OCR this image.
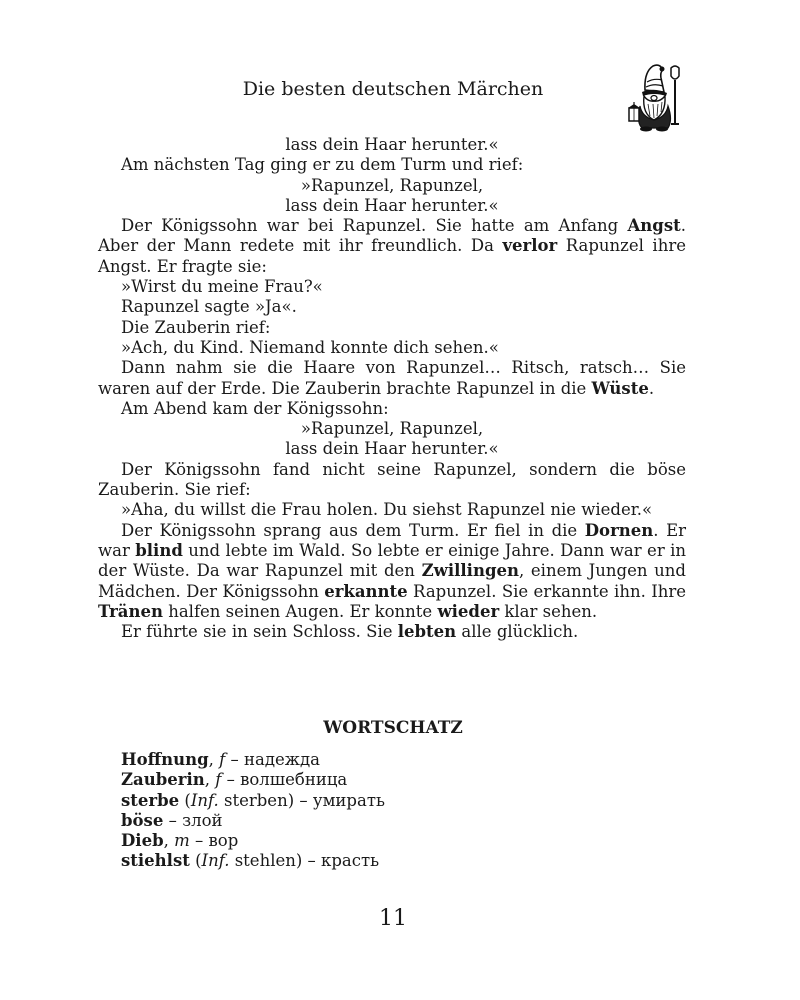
Die besten deutschen Märchen

lass dein Haar herunter.«

Am nächsten Tag ging er zu dem Turm und rief:

»Rapunzel, Rapunzel,

lass dein Haar herunter.«

Der Königssohn war bei Rapunzel. Sie hatte am Anfang Angst. Aber der Mann redete mit ihr freundlich. Da verlor Rapunzel ihre Angst. Er fragte sie:

»Wirst du meine Frau?«

Rapunzel sagte »Ja«.

Die Zauberin rief:

»Ach, du Kind. Niemand konnte dich sehen.«

Dann nahm sie die Haare von Rapunzel… Ritsch, ratsch… Sie waren auf der Erde. Die Zauberin brachte Rapunzel in die Wüste.

Am Abend kam der Königssohn:

»Rapunzel, Rapunzel,

lass dein Haar herunter.«

Der Königssohn fand nicht seine Rapunzel, sondern die böse Zauberin. Sie rief:

»Aha, du willst die Frau holen. Du siehst Rapunzel nie wieder.«

Der Königssohn sprang aus dem Turm. Er fiel in die Dornen. Er war blind und lebte im Wald. So lebte er einige Jahre. Dann war er in der Wüste. Da war Rapunzel mit den Zwillingen, einem Jungen und Mädchen. Der Königssohn erkannte Rapunzel. Sie erkannte ihn. Ihre Tränen halfen seinen Augen. Er konnte wieder klar sehen.

Er führte sie in sein Schloss. Sie lebten alle glücklich.

WORTSCHATZ
Hoffnung, f – надежда
Zauberin, f – волшебница
sterbe (Inf. sterben) – умирать
böse – злой
Dieb, m – вор
stiehlst (Inf. stehlen) – красть
11
